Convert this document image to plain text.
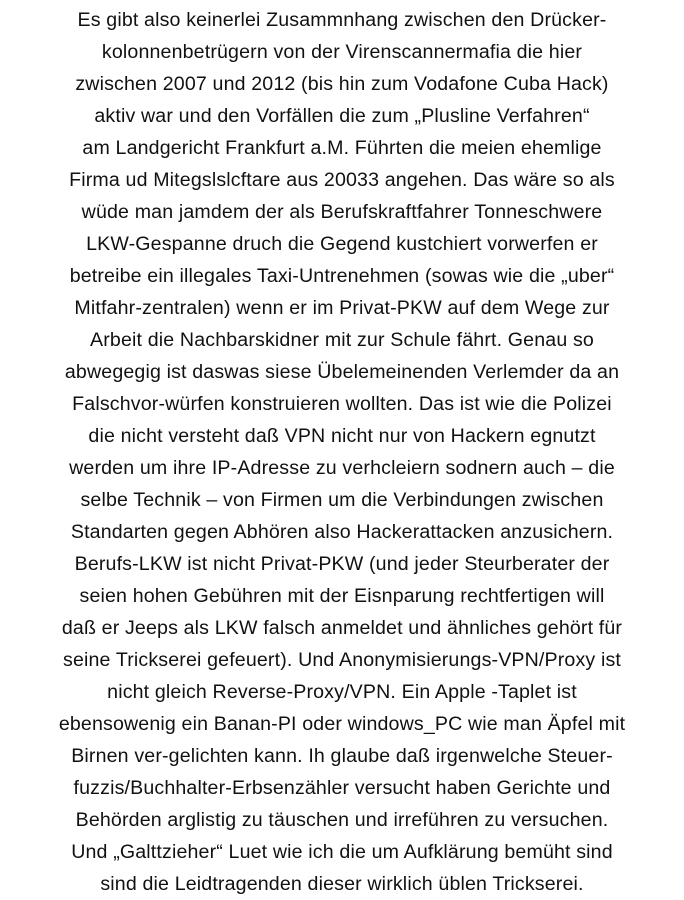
Es gibt also keinerlei Zusammnhang zwischen den Drücker-
kolonnenbetrügern von der Virenscannermafia die hier
zwischen 2007 und 2012 (bis hin zum Vodafone Cuba Hack)
aktiv war und den Vorfällen die zum „Plusline Verfahren“
am Landgericht Frankfurt a.M. Führten die meien ehemlige
Firma ud Mitegslslcftare aus 20033 angehen. Das wäre so als
wüde man jamdem der als Berufskraftfahrer Tonneschwere
LKW-Gespanne druch die Gegend kustchiert vorwerfen er
betreibe ein illegales Taxi-Untrenehmen (sowas wie die „uber“
Mitfahr-zentralen) wenn er im Privat-PKW auf dem Wege zur
Arbeit die Nachbarskidner mit zur Schule fährt. Genau so
abwegegig ist daswas siese Übelemeinenden Verlemder da an
Falschvor-würfen konstruieren wollten. Das ist wie die Polizei
die nicht versteht daß VPN nicht nur von Hackern egnutzt
werden um ihre IP-Adresse zu verhcleiern sodnern auch – die
selbe Technik – von Firmen um die Verbindungen zwischen
Standarten gegen Abhören also Hackerattacken anzusichern.
Berufs-LKW ist nicht Privat-PKW (und jeder Steurberater der
seien hohen Gebühren mit der Eisnparung rechtfertigen will
daß er Jeeps als LKW falsch anmeldet und ähnliches gehört für
seine Trickserei gefeuert). Und Anonymisierungs-VPN/Proxy ist
nicht gleich Reverse-Proxy/VPN. Ein Apple -Taplet ist
ebensowenig ein Banan-PI oder windows_PC wie man Äpfel mit
Birnen ver-gelichten kann. Ih glaube daß irgenwelche Steuer-
fuzzis/Buchhalter-Erbsenzähler versucht haben Gerichte und
Behörden arglistig zu täuschen und irreführen zu versuchen.
Und „Galttzieher“ Luet wie ich die um Aufklärung bemüht sind
sind die Leidtragenden dieser wirklich üblen Trickserei.
